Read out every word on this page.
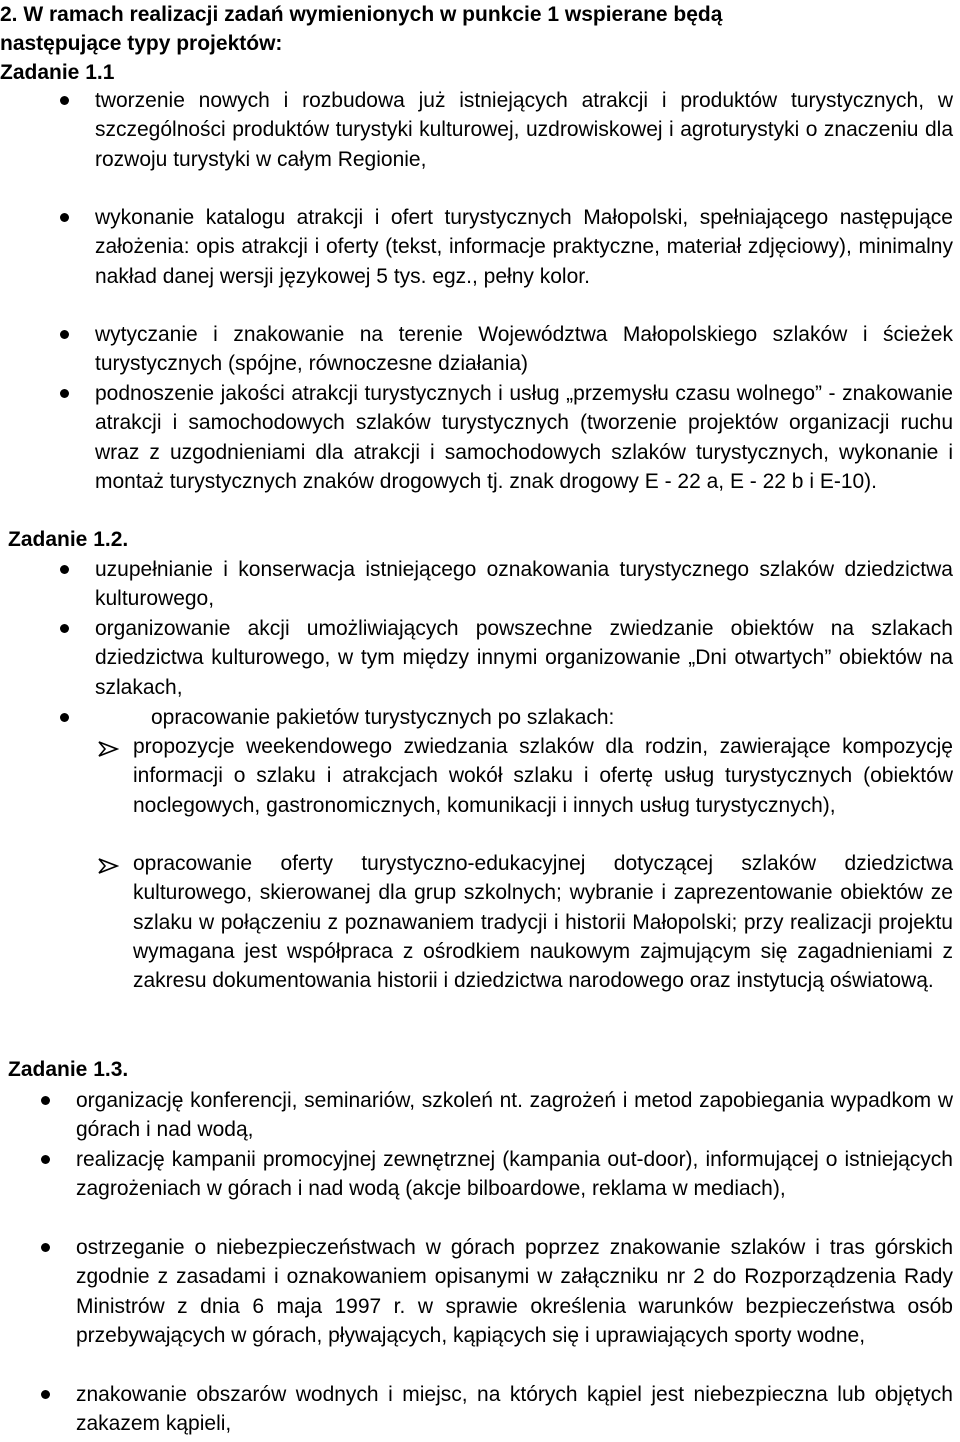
2. W ramach realizacji zadań wymienionych w punkcie 1 wspierane będą
następujące typy projektów:
Zadanie 1.1
tworzenie nowych i rozbudowa już istniejących atrakcji i produktów turystycznych, w szczególności produktów turystyki kulturowej, uzdrowiskowej i agroturystyki o znaczeniu dla rozwoju turystyki w całym Regionie,
wykonanie katalogu atrakcji i ofert turystycznych Małopolski, spełniającego następujące założenia: opis atrakcji i oferty (tekst, informacje praktyczne, materiał zdjęciowy), minimalny nakład danej wersji językowej 5 tys. egz., pełny kolor.
wytyczanie i znakowanie na terenie Województwa Małopolskiego szlaków i ścieżek turystycznych (spójne, równoczesne działania)
podnoszenie jakości atrakcji turystycznych i usług „przemysłu czasu wolnego” - znakowanie atrakcji i samochodowych szlaków turystycznych (tworzenie projektów organizacji ruchu wraz z uzgodnieniami dla atrakcji i samochodowych szlaków turystycznych, wykonanie i montaż turystycznych znaków drogowych tj. znak drogowy E - 22 a, E - 22 b i E-10).
Zadanie 1.2.
uzupełnianie i konserwacja istniejącego oznakowania turystycznego szlaków dziedzictwa kulturowego,
organizowanie akcji umożliwiających powszechne zwiedzanie obiektów na szlakach dziedzictwa kulturowego, w tym między innymi organizowanie „Dni otwartych” obiektów na szlakach,
opracowanie pakietów turystycznych po szlakach:
propozycje weekendowego zwiedzania szlaków dla rodzin, zawierające kompozycję informacji o szlaku i atrakcjach wokół szlaku i ofertę usług turystycznych (obiektów noclegowych, gastronomicznych, komunikacji i innych usług turystycznych),
opracowanie oferty turystyczno-edukacyjnej dotyczącej szlaków dziedzictwa kulturowego, skierowanej dla grup szkolnych; wybranie i zaprezentowanie obiektów ze szlaku w połączeniu z poznawaniem tradycji i historii Małopolski; przy realizacji projektu wymagana jest współpraca z ośrodkiem naukowym zajmującym się zagadnieniami z zakresu dokumentowania historii i dziedzictwa narodowego oraz instytucją oświatową.
Zadanie 1.3.
organizację konferencji, seminariów, szkoleń nt. zagrożeń i metod zapobiegania wypadkom w górach i nad wodą,
realizację kampanii promocyjnej zewnętrznej (kampania out-door), informującej o istniejących zagrożeniach w górach i nad wodą (akcje bilboardowe, reklama w mediach),
ostrzeganie o niebezpieczeństwach w górach poprzez znakowanie szlaków i tras górskich zgodnie z zasadami i oznakowaniem opisanymi w załączniku nr 2 do Rozporządzenia Rady Ministrów z dnia 6 maja 1997 r. w sprawie określenia warunków bezpieczeństwa osób przebywających w górach, pływających, kąpiących się i uprawiających sporty wodne,
znakowanie obszarów wodnych i miejsc, na których kąpiel jest niebezpieczna lub objętych zakazem kąpieli,
